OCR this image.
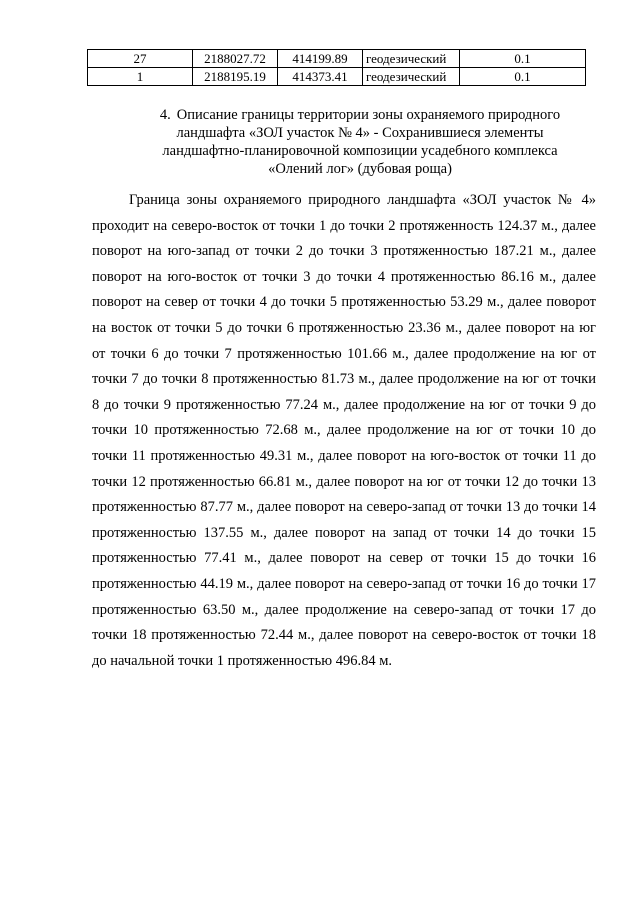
27	2188027.72	414199.89	геодезический	0.1
1	2188195.19	414373.41	геодезический	0.1
4. Описание границы территории зоны охраняемого природного ландшафта «ЗОЛ участок № 4» - Сохранившиеся элементы ландшафтно-планировочной композиции усадебного комплекса «Олений лог» (дубовая роща)

Граница зоны охраняемого природного ландшафта «ЗОЛ участок № 4» проходит на северо-восток от точки 1 до точки 2 протяженность 124.37 м., далее поворот на юго-запад от точки 2 до точки 3 протяженностью 187.21 м., далее поворот на юго-восток от точки 3 до точки 4 протяженностью 86.16 м., далее поворот на север от точки 4 до точки 5 протяженностью 53.29 м., далее поворот на восток от точки 5 до точки 6 протяженностью 23.36 м., далее поворот на юг от точки 6 до точки 7 протяженностью 101.66 м., далее продолжение на юг от точки 7 до точки 8 протяженностью 81.73 м., далее продолжение на юг от точки 8 до точки 9 протяженностью 77.24 м., далее продолжение на юг от точки 9 до точки 10 протяженностью 72.68 м., далее продолжение на юг от точки 10 до точки 11 протяженностью 49.31 м., далее поворот на юго-восток от точки 11 до точки 12 протяженностью 66.81 м., далее поворот на юг от точки 12 до точки 13 протяженностью 87.77 м., далее поворот на северо-запад от точки 13 до точки 14 протяженностью 137.55 м., далее поворот на запад от точки 14 до точки 15 протяженностью 77.41 м., далее поворот на север от точки 15 до точки 16 протяженностью 44.19 м., далее поворот на северо-запад от точки 16 до точки 17 протяженностью 63.50 м., далее продолжение на северо-запад от точки 17 до точки 18 протяженностью 72.44 м., далее поворот на северо-восток от точки 18 до начальной точки 1 протяженностью 496.84 м.
